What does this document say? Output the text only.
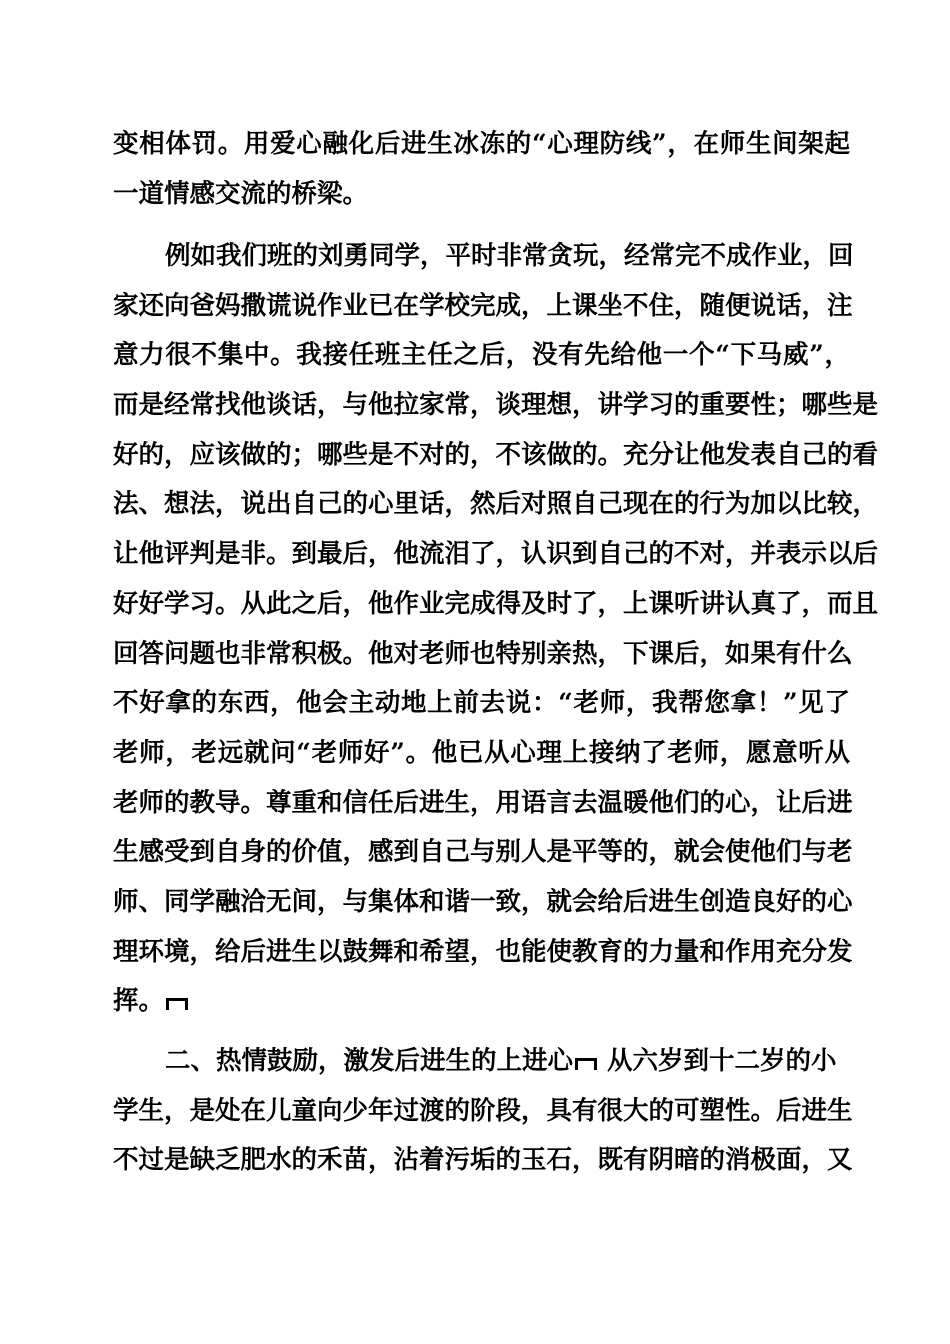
变相体罚。用爱心融化后进生冰冻的“心理防线”，在师生间架起
一道情感交流的桥梁。
例如我们班的刘勇同学，平时非常贪玩，经常完不成作业，回
家还向爸妈撒谎说作业已在学校完成，上课坐不住，随便说话，注
意力很不集中。我接任班主任之后，没有先给他一个“下马威”，
而是经常找他谈话，与他拉家常，谈理想，讲学习的重要性；哪些是
好的，应该做的；哪些是不对的，不该做的。充分让他发表自己的看
法、想法，说出自己的心里话，然后对照自己现在的行为加以比较，
让他评判是非。到最后，他流泪了，认识到自己的不对，并表示以后
好好学习。从此之后，他作业完成得及时了，上课听讲认真了，而且
回答问题也非常积极。他对老师也特别亲热，下课后，如果有什么
不好拿的东西，他会主动地上前去说：“老师，我帮您拿！”见了
老师，老远就问“老师好”。他已从心理上接纳了老师，愿意听从
老师的教导。尊重和信任后进生，用语言去温暖他们的心，让后进
生感受到自身的价值，感到自己与别人是平等的，就会使他们与老
师、同学融洽无间，与集体和谐一致，就会给后进生创造良好的心
理环境，给后进生以鼓舞和希望，也能使教育的力量和作用充分发
挥。
二、热情鼓励，激发后进生的上进心 从六岁到十二岁的小
学生，是处在儿童向少年过渡的阶段，具有很大的可塑性。后进生
不过是缺乏肥水的禾苗，沾着污垢的玉石，既有阴暗的消极面，又
